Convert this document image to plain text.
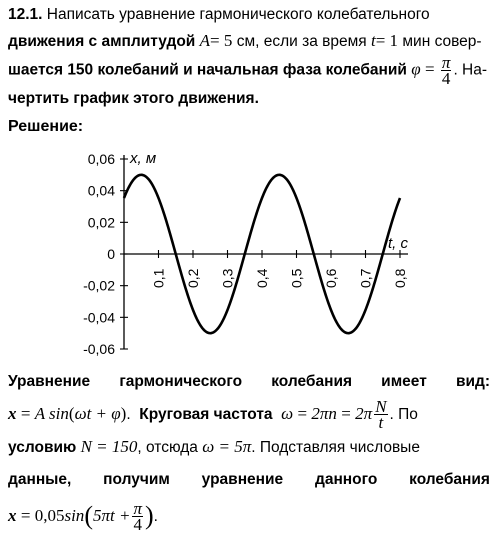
12.1. Написать уравнение гармонического колебательного
движения с амплитудой A= 5 см, если за время t= 1 мин совер-
шается 150 колебаний и начальная фаза колебаний $\varphi = \frac{\pi}{4}$ . На-
чертить график этого движения.
Решение:
0,06
0,04
0,02
0
-0,02
-0,04
-0,06
0,1 0,2 0,3 0,4 0,5 0,6 0,7 0,8
x, м
t, c
Уравнение гармонического колебания имеет вид:
x = A sin(ωt + φ).  Круговая частота $\omega = 2\pi n = 2\pi \frac{N}{t}$ . По
условию N = 150, отсюда ω = 5π. Подставляя числовые
данные, получим уравнение данного колебания
$x = 0,05\sin(5\pi t + \frac{\pi}{4}$ ).
